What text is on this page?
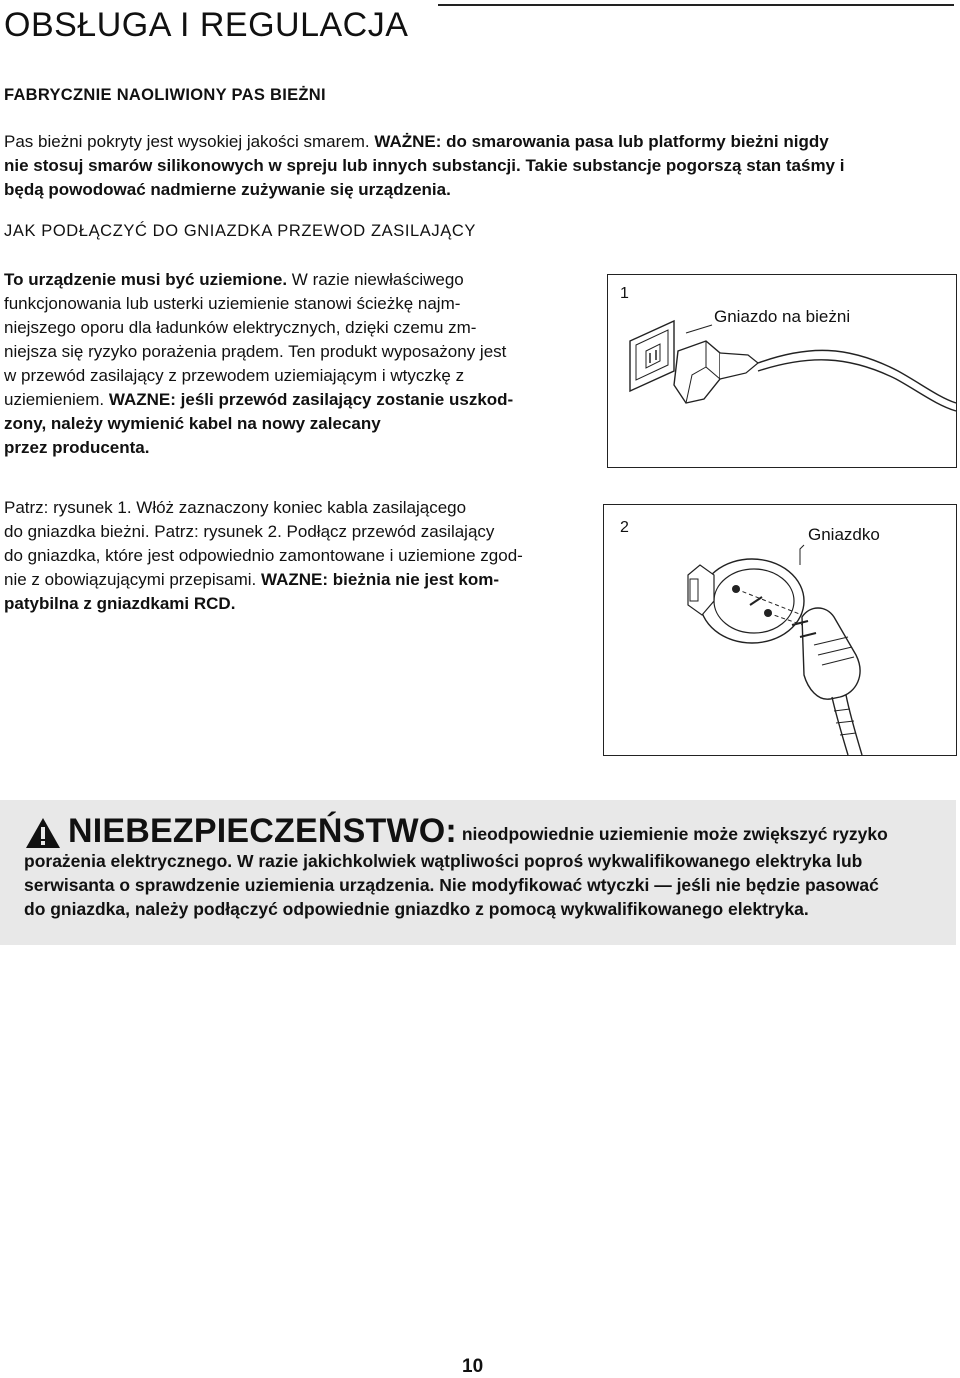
OBSŁUGA I REGULACJA
FABRYCZNIE NAOLIWIONY PAS BIEŻNI

Pas bieżni pokryty jest wysokiej jakości smarem. WAŻNE: do smarowania pasa lub platformy bieżni nigdy
nie stosuj smarów silikonowych w spreju lub innych substancji. Takie substancje pogorszą stan taśmy i
będą powodować nadmierne zużywanie się urządzenia.

JAK PODŁĄCZYĆ DO GNIAZDKA PRZEWOD ZASILAJĄCY

To urządzenie musi być uziemione. W razie niewłaściwego
funkcjonowania lub usterki uziemienie stanowi ścieżkę najm-
niejszego oporu dla ładunków elektrycznych, dzięki czemu zm-
niejsza się ryzyko porażenia prądem. Ten produkt wyposażony jest
w przewód zasilający z przewodem uziemiającym i wtyczkę z
uziemieniem. WAZNE: jeśli przewód zasilający zostanie uszkod-
zony, należy wymienić kabel na nowy zalecany
przez producenta.

1
Gniazdo na bieżni

Patrz: rysunek 1. Włóż zaznaczony koniec kabla zasilającego
do gniazdka bieżni. Patrz: rysunek 2. Podłącz przewód zasilający
do gniazdka, które jest odpowiednio zamontowane i uziemione zgod-
nie z obowiązującymi przepisami. WAZNE: bieżnia nie jest kom-
patybilna z gniazdkami RCD.

2	Gniazdko
NIEBEZPIECZEŃSTWO: nieodpowiednie uziemienie może zwiększyć ryzyko
porażenia elektrycznego. W razie jakichkolwiek wątpliwości poproś wykwalifikowanego elektryka lub
serwisanta o sprawdzenie uziemienia urządzenia. Nie modyfikować wtyczki — jeśli nie będzie pasować
do gniazdka, należy podłączyć odpowiednie gniazdko z pomocą wykwalifikowanego elektryka.
10
